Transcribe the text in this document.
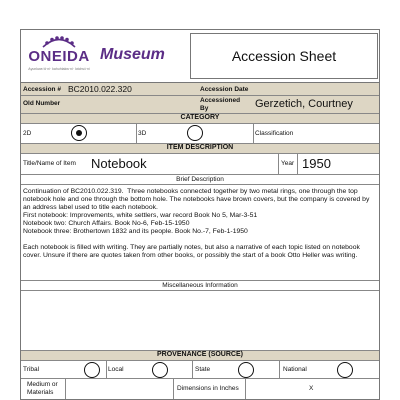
ONEIDA
Ayunkwa·lɔ́·ni· kahuhtakw·ni· lotɔhsɔ́·ni
Museum	Accession Sheet
Accession # BC2010.022.320	Accession Date
Old Number	Accessioned By	Gerzetich, Courtney
CATEGORY
2D	3D	Classification
ITEM DESCRIPTION
Title/Name of Item Notebook	Year 1950
Brief Description
Continuation of BC2010.022.319.  Three notebooks connected together by two metal rings, one through the top notebook hole and one through the bottom hole. The notebooks have brown covers, but the company is covered by an address label used to title each notebook.
First notebook: Improvements, white settlers, war record Book No 5, Mar-3-51
Notebook two: Church Affairs. Book No-6, Feb-15-1950
Notebook three: Brothertown 1832 and its people. Book No.-7, Feb-1-1950

Each notebook is filled with writing. They are partially notes, but also a narrative of each topic listed on notebook cover. Unsure if there are quotes taken from other books, or possibly the start of a book Otto Heller was writing.
Miscellaneous Information
PROVENANCE (SOURCE)
Tribal	Local	State	National
Medium or Materials	Dimensions in Inches	X
